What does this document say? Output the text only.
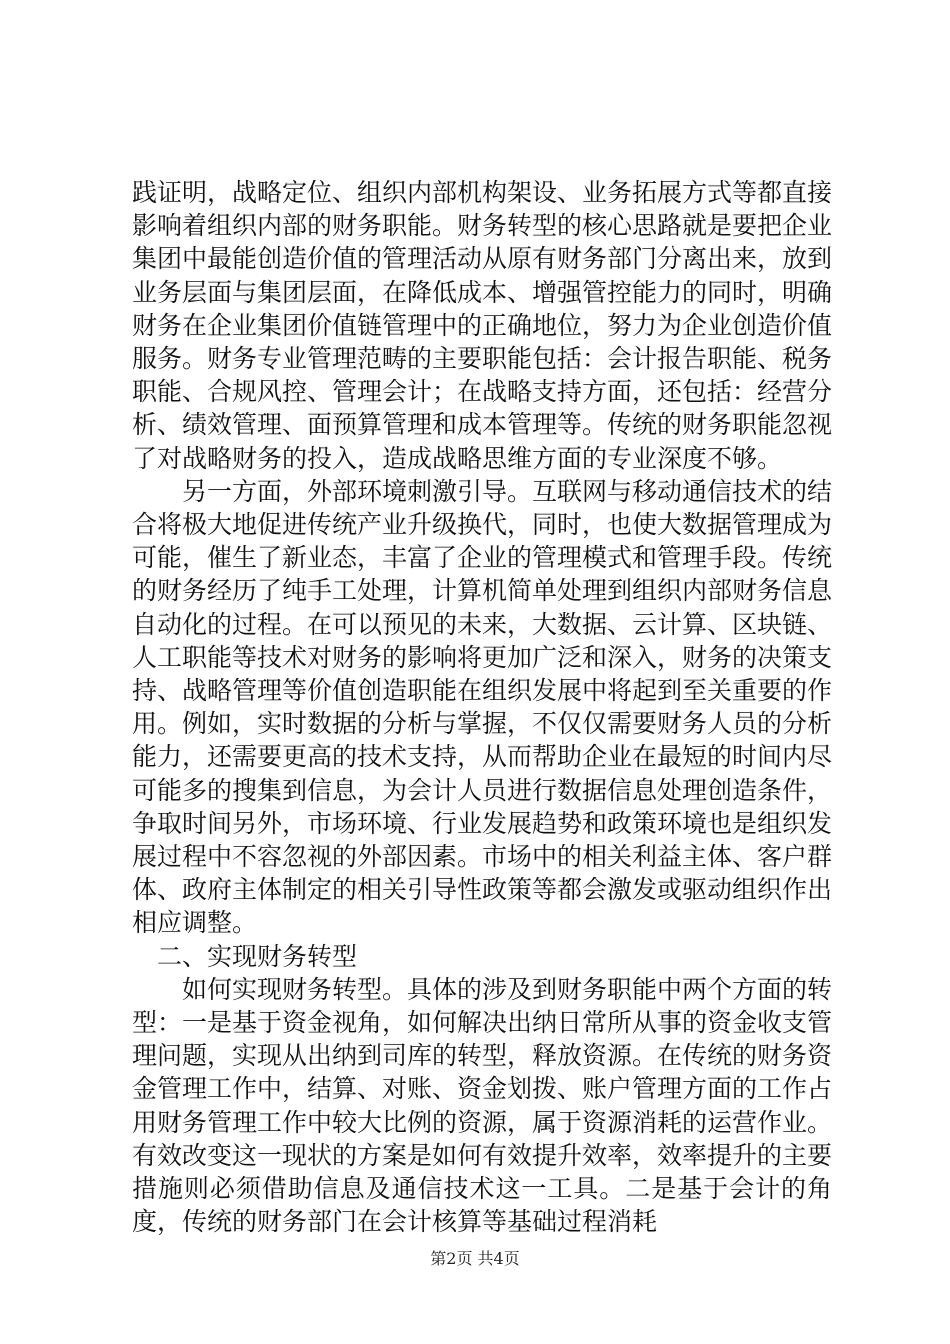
践证明，战略定位、组织内部机构架设、业务拓展方式等都直接影响着组织内部的财务职能。财务转型的核心思路就是要把企业集团中最能创造价值的管理活动从原有财务部门分离出来，放到业务层面与集团层面，在降低成本、增强管控能力的同时，明确财务在企业集团价值链管理中的正确地位，努力为企业创造价值服务。财务专业管理范畴的主要职能包括：会计报告职能、税务职能、合规风控、管理会计；在战略支持方面，还包括：经营分析、绩效管理、面预算管理和成本管理等。传统的财务职能忽视了对战略财务的投入，造成战略思维方面的专业深度不够。

另一方面，外部环境刺激引导。互联网与移动通信技术的结合将极大地促进传统产业升级换代，同时，也使大数据管理成为可能，催生了新业态，丰富了企业的管理模式和管理手段。传统的财务经历了纯手工处理，计算机简单处理到组织内部财务信息自动化的过程。在可以预见的未来，大数据、云计算、区块链、人工职能等技术对财务的影响将更加广泛和深入，财务的决策支持、战略管理等价值创造职能在组织发展中将起到至关重要的作用。例如，实时数据的分析与掌握，不仅仅需要财务人员的分析能力，还需要更高的技术支持，从而帮助企业在最短的时间内尽可能多的搜集到信息，为会计人员进行数据信息处理创造条件，争取时间另外，市场环境、行业发展趋势和政策环境也是组织发展过程中不容忽视的外部因素。市场中的相关利益主体、客户群体、政府主体制定的相关引导性政策等都会激发或驱动组织作出相应调整。

二、实现财务转型

如何实现财务转型。具体的涉及到财务职能中两个方面的转型：一是基于资金视角，如何解决出纳日常所从事的资金收支管理问题，实现从出纳到司库的转型，释放资源。在传统的财务资金管理工作中，结算、对账、资金划拨、账户管理方面的工作占用财务管理工作中较大比例的资源，属于资源消耗的运营作业。有效改变这一现状的方案是如何有效提升效率，效率提升的主要措施则必须借助信息及通信技术这一工具。二是基于会计的角度，传统的财务部门在会计核算等基础过程消耗

第2页 共4页
